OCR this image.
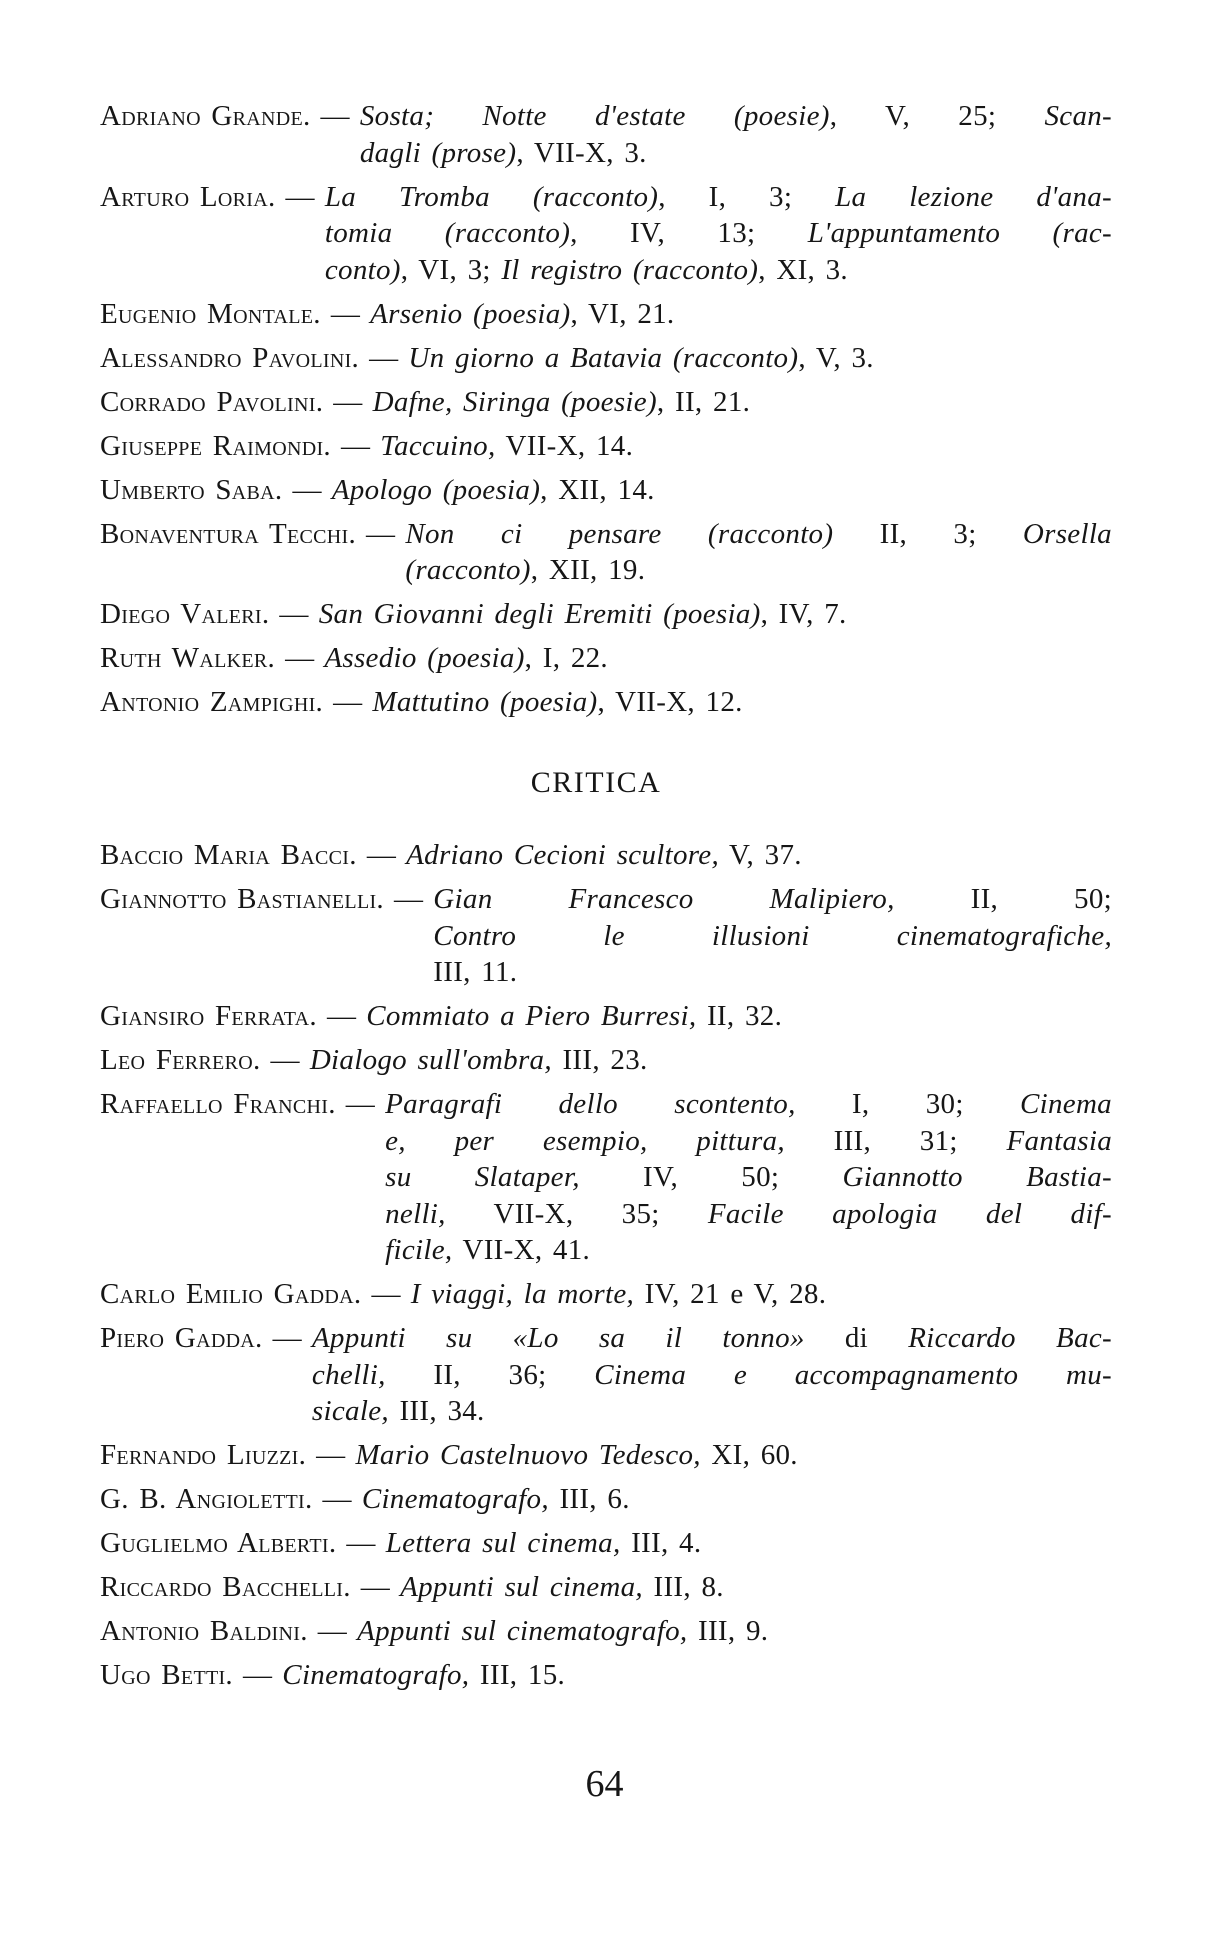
Adriano Grande. — Sosta; Notte d'estate (poesie), V, 25; Scan-
dagli (prose), VII-X, 3.
Arturo Loria. — La Tromba (racconto), I, 3; La lezione d'ana-
tomia (racconto), IV, 13; L'appuntamento (rac-
conto), VI, 3; Il registro (racconto), XI, 3.
Eugenio Montale. — Arsenio (poesia), VI, 21.
Alessandro Pavolini. — Un giorno a Batavia (racconto), V, 3.
Corrado Pavolini. — Dafne, Siringa (poesie), II, 21.
Giuseppe Raimondi. — Taccuino, VII-X, 14.
Umberto Saba. — Apologo (poesia), XII, 14.
Bonaventura Tecchi. — Non ci pensare (racconto) II, 3; Orsella
(racconto), XII, 19.
Diego Valeri. — San Giovanni degli Eremiti (poesia), IV, 7.
Ruth Walker. — Assedio (poesia), I, 22.
Antonio Zampighi. — Mattutino (poesia), VII-X, 12.
CRITICA
Baccio Maria Bacci. — Adriano Cecioni scultore, V, 37.
Giannotto Bastianelli. — Gian Francesco Malipiero, II, 50;
Contro le illusioni cinematografiche,
III, 11.
Giansiro Ferrata. — Commiato a Piero Burresi, II, 32.
Leo Ferrero. — Dialogo sull'ombra, III, 23.
Raffaello Franchi. — Paragrafi dello scontento, I, 30; Cinema
e, per esempio, pittura, III, 31; Fantasia
su Slataper, IV, 50; Giannotto Bastia-
nelli, VII-X, 35; Facile apologia del dif-
ficile, VII-X, 41.
Carlo Emilio Gadda. — I viaggi, la morte, IV, 21 e V, 28.
Piero Gadda. — Appunti su «Lo sa il tonno» di Riccardo Bac-
chelli, II, 36; Cinema e accompagnamento mu-
sicale, III, 34.
Fernando Liuzzi. — Mario Castelnuovo Tedesco, XI, 60.
G. B. Angioletti. — Cinematografo, III, 6.
Guglielmo Alberti. — Lettera sul cinema, III, 4.
Riccardo Bacchelli. — Appunti sul cinema, III, 8.
Antonio Baldini. — Appunti sul cinematografo, III, 9.
Ugo Betti. — Cinematografo, III, 15.
64
